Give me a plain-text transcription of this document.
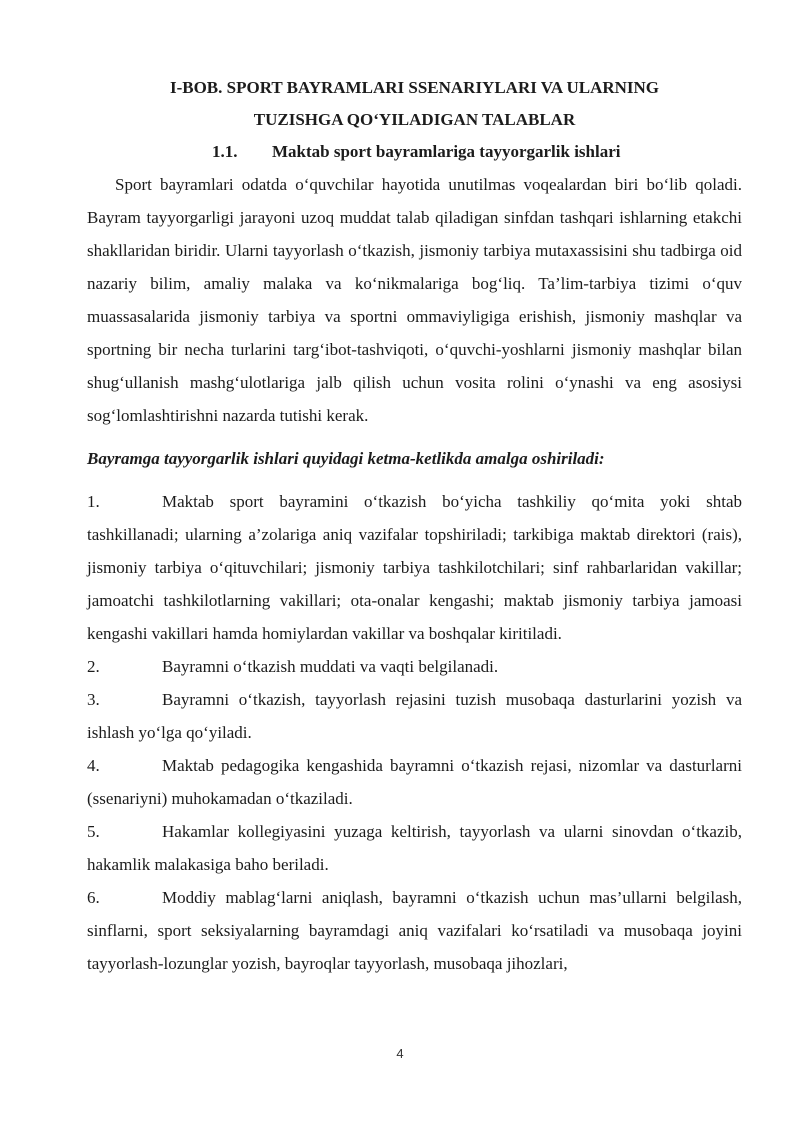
I-BOB. SPORT BAYRAMLARI SSENARIYLARI VA ULARNING
TUZISHGA QO‘YILADIGAN TALABLAR
1.1. Maktab sport bayramlariga tayyorgarlik ishlari

Sport bayramlari odatda o‘quvchilar hayotida unutilmas voqealardan biri bo‘lib qoladi. Bayram tayyorgarligi jarayoni uzoq muddat talab qiladigan sinfdan tashqari ishlarning etakchi shakllaridan biridir. Ularni tayyorlash o‘tkazish, jismoniy tarbiya mutaxassisini shu tadbirga oid nazariy bilim, amaliy malaka va ko‘nikmalariga bog‘liq. Ta’lim-tarbiya tizimi o‘quv muassasalarida jismoniy tarbiya va sportni ommaviyligiga erishish, jismoniy mashqlar va sportning bir necha turlarini targ‘ibot-tashviqoti, o‘quvchi-yoshlarni jismoniy mashqlar bilan shug‘ullanish mashg‘ulotlariga jalb qilish uchun vosita rolini o‘ynashi va eng asosiysi sog‘lomlashtirishni nazarda tutishi kerak.

Bayramga tayyorgarlik ishlari quyidagi ketma-ketlikda amalga oshiriladi:

1.	Maktab sport bayramini o‘tkazish bo‘yicha tashkiliy qo‘mita yoki shtab tashkillanadi; ularning a’zolariga aniq vazifalar topshiriladi; tarkibiga maktab direktori (rais), jismoniy tarbiya o‘qituvchilari; jismoniy tarbiya tashkilotchilari; sinf rahbarlaridan vakillar; jamoatchi tashkilotlarning vakillari; ota-onalar kengashi; maktab jismoniy tarbiya jamoasi kengashi vakillari hamda homiylardan vakillar va boshqalar kiritiladi.

2.	Bayramni o‘tkazish muddati va vaqti belgilanadi.

3.	Bayramni o‘tkazish, tayyorlash rejasini tuzish musobaqa dasturlarini yozish va ishlash yo‘lga qo‘yiladi.

4.	Maktab pedagogika kengashida bayramni o‘tkazish rejasi, nizomlar va dasturlarni (ssenariyni) muhokamadan o‘tkaziladi.

5.	Hakamlar kollegiyasini yuzaga keltirish, tayyorlash va ularni sinovdan o‘tkazib, hakamlik malakasiga baho beriladi.

6.	Moddiy mablag‘larni aniqlash, bayramni o‘tkazish uchun mas’ullarni belgilash, sinflarni, sport seksiyalarning bayramdagi aniq vazifalari ko‘rsatiladi va musobaqa joyini tayyorlash-lozunglar yozish, bayroqlar tayyorlash, musobaqa jihozlari,

4
